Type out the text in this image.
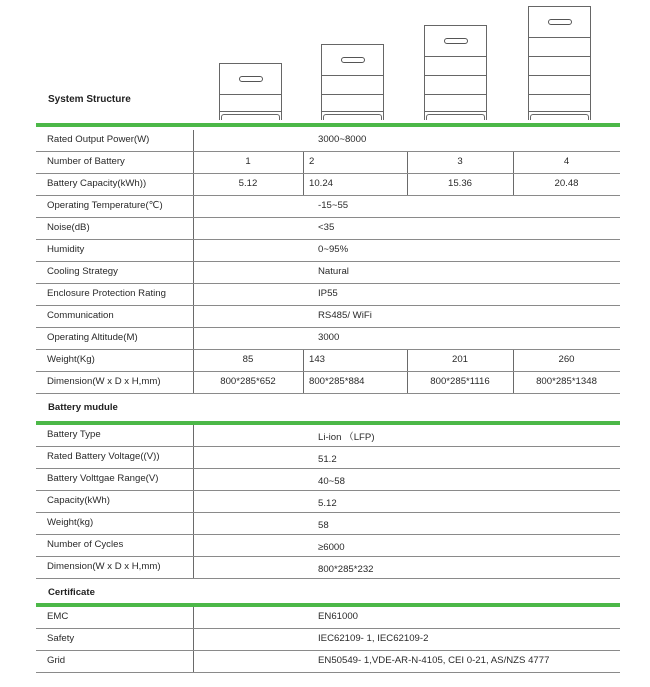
System Structure
Rated Output Power(W)	3000~8000
Number of Battery	1	2	3	4
Battery Capacity(kWh))	5.12	10.24	15.36	20.48
Operating Temperature(℃)	-15~55
Noise(dB)	<35
Humidity	0~95%
Cooling Strategy	Natural
Enclosure Protection Rating	IP55
Communication	RS485/ WiFi
Operating Altitude(M)	3000
Weight(Kg)	85	143	201	260
Dimension(W x D x H,mm)	800*285*652	800*285*884	800*285*1116	800*285*1348
Battery mudule
Battery Type	Li-ion （LFP)
Rated Battery Voltage((V))	51.2
Battery Volttgae Range(V)	40~58
Capacity(kWh)	5.12
Weight(kg)	58
Number of Cycles	≥6000
Dimension(W x D x H,mm)	800*285*232
Certificate
EMC	EN61000
Safety	IEC62109- 1, IEC62109-2
Grid	EN50549- 1,VDE-AR-N-4105, CEI 0-21, AS/NZS 4777
